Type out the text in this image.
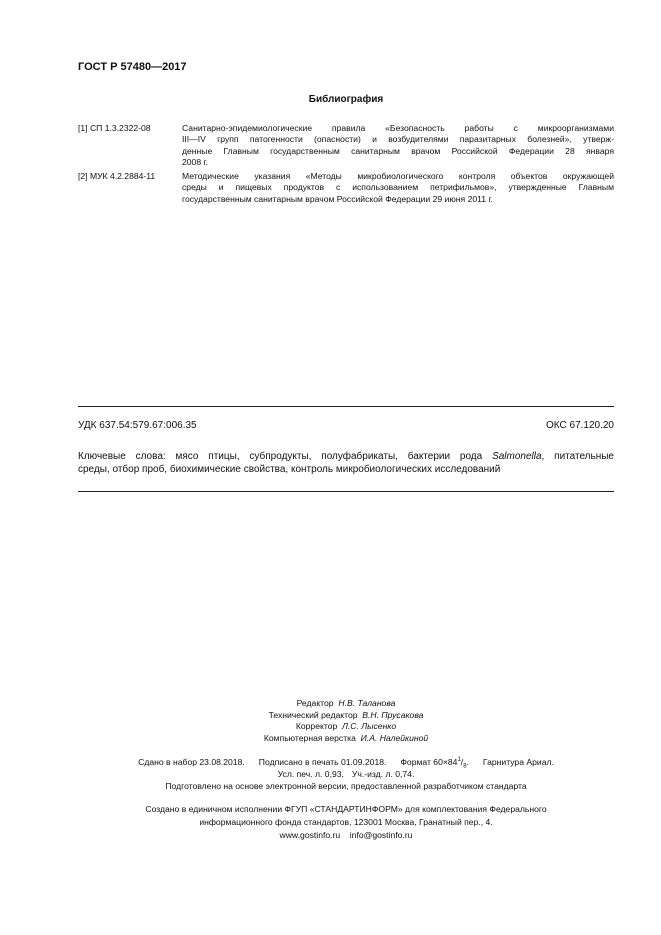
ГОСТ Р 57480—2017
Библиография
[1] СП 1.3.2322-08	Санитарно-эпидемиологические правила «Безопасность работы с микроорганизмами
III—IV групп патогенности (опасности) и возбудителями паразитарных болезней», утверж-
денные Главным государственным санитарным врачом Российской Федерации 28 января
2008 г.
[2] МУК 4.2.2884-11	Методические указания «Методы микробиологического контроля объектов окружающей
среды и пищевых продуктов с использованием петрифильмов», утвержденные Главным
государственным санитарным врачом Российской Федерации 29 июня 2011 г.
УДК 637.54:579.67:006.35	ОКС 67.120.20
Ключевые слова: мясо птицы, субпродукты, полуфабрикаты, бактерии рода Salmonella, питательные
среды, отбор проб, биохимические свойства, контроль микробиологических исследований
Редактор Н.В. Таланова
Технический редактор В.Н. Прусакова
Корректор Л.С. Лысенко
Компьютерная верстка И.А. Налейкиной
Сдано в набор 23.08.2018. Подписано в печать 01.09.2018. Формат $60\times 84^1/_8$. Гарнитура Ариал.
Усл. печ. л. 0,93. Уч.-изд. л. 0,74.
Подготовлено на основе электронной версии, предоставленной разработчиком стандарта
Создано в единичном исполнении ФГУП «СТАНДАРТИНФОРМ» для комплектования Федерального
информационного фонда стандартов, 123001 Москва, Гранатный пер., 4.
www.gostinfo.ru info@gostinfo.ru
